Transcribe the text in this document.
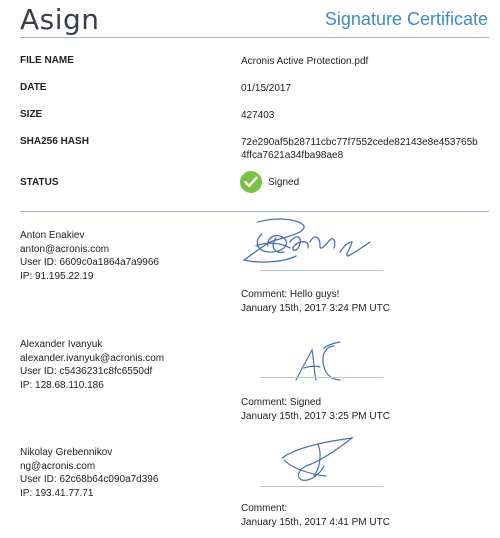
Asign	Signature Certificate
FILE NAME	Acronis Active Protection.pdf
DATE	01/15/2017
SIZE	427403
SHA256 HASH	72e290af5b28711cbc77f7552cede82143e8e453765b
4ffca7621a34fba98ae8
STATUS	Signed
Anton Enakiev
anton@acronis.com
User ID: 6609c0a1864a7a9966
IP: 91.195.22.19
Comment: Hello guys!
January 15th, 2017 3:24 PM UTC
Alexander Ivanyuk
alexander.ivanyuk@acronis.com
User ID: c5436231c8fc6550df
IP: 128.68.110.186
Comment: Signed
January 15th, 2017 3:25 PM UTC
Nikolay Grebennikov
ng@acronis.com
User ID: 62c68b64c090a7d396
IP: 193.41.77.71
Comment:
January 15th, 2017 4:41 PM UTC
